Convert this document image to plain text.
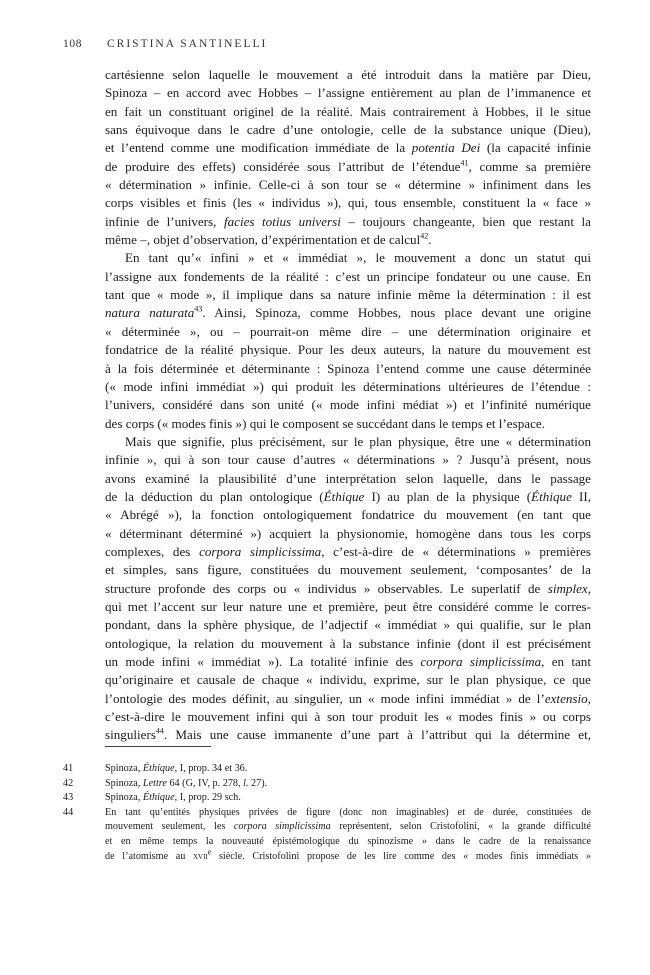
108 CRISTINA SANTINELLI
cartésienne selon laquelle le mouvement a été introduit dans la matière par Dieu,
Spinoza – en accord avec Hobbes – l’assigne entièrement au plan de l’immanence et
en fait un constituant originel de la réalité. Mais contrairement à Hobbes, il le situe
sans équivoque dans le cadre d’une ontologie, celle de la substance unique (Dieu),
et l’entend comme une modification immédiate de la potentia Dei (la capacité infinie
de produire des effets) considérée sous l’attribut de l’étendue$^{41}$, comme sa première
« détermination » infinie. Celle-ci à son tour se « détermine » infiniment dans les
corps visibles et finis (les « individus »), qui, tous ensemble, constituent la « face »
infinie de l’univers, facies totius universi – toujours changeante, bien que restant la
même –, objet d’observation, d’expérimentation et de calcul$^{42}$.
En tant qu’« infini » et « immédiat », le mouvement a donc un statut qui
l’assigne aux fondements de la réalité : c’est un principe fondateur ou une cause. En
tant que « mode », il implique dans sa nature infinie même la détermination : il est
natura naturata$^{43}$. Ainsi, Spinoza, comme Hobbes, nous place devant une origine
« déterminée », ou – pourrait-on même dire – une détermination originaire et
fondatrice de la réalité physique. Pour les deux auteurs, la nature du mouvement est
à la fois déterminée et déterminante : Spinoza l’entend comme une cause déterminée
(« mode infini immédiat ») qui produit les déterminations ultérieures de l’étendue :
l’univers, considéré dans son unité (« mode infini médiat ») et l’infinité numérique
des corps (« modes finis ») qui le composent se succédant dans le temps et l’espace.
Mais que signifie, plus précisément, sur le plan physique, être une « détermination
infinie », qui à son tour cause d’autres « déterminations » ? Jusqu’à présent, nous
avons examiné la plausibilité d’une interprétation selon laquelle, dans le passage
de la déduction du plan ontologique (Éthique I) au plan de la physique (Éthique II,
« Abrégé »), la fonction ontologiquement fondatrice du mouvement (en tant que
« déterminant déterminé ») acquiert la physionomie, homogène dans tous les corps
complexes, des corpora simplicissima, c’est-à-dire de « déterminations » premières
et simples, sans figure, constituées du mouvement seulement, ‘composantes’ de la
structure profonde des corps ou « individus » observables. Le superlatif de simplex,
qui met l’accent sur leur nature une et première, peut être considéré comme le corres-
pondant, dans la sphère physique, de l’adjectif « immédiat » qui qualifie, sur le plan
ontologique, la relation du mouvement à la substance infinie (dont il est précisément
un mode infini « immédiat »). La totalité infinie des corpora simplicissima, en tant
qu’originaire et causale de chaque « individu, exprime, sur le plan physique, ce que
l’ontologie des modes définit, au singulier, un « mode infini immédiat » de l’extensio,
c’est-à-dire le mouvement infini qui à son tour produit les « modes finis » ou corps
singuliers$^{44}$. Mais une cause immanente d’une part à l’attribut qui la détermine et,
41	Spinoza, Éthique, I, prop. 34 et 36.
42	Spinoza, Lettre 64 (G, IV, p. 278, l. 27).
43	Spinoza, Éthique, I, prop. 29 sch.
44	En tant qu’entités physiques privées de figure (donc non imaginables) et de durée, constituées de
mouvement seulement, les corpora simplicissima représentent, selon Cristofolini, « la grande difficulté
et en même temps la nouveauté épistémologique du spinozisme » dans le cadre de la renaissance
de l’atomisme au xvii$^e$ siècle. Cristofolini propose de les lire comme des « modes finis immédiats »
